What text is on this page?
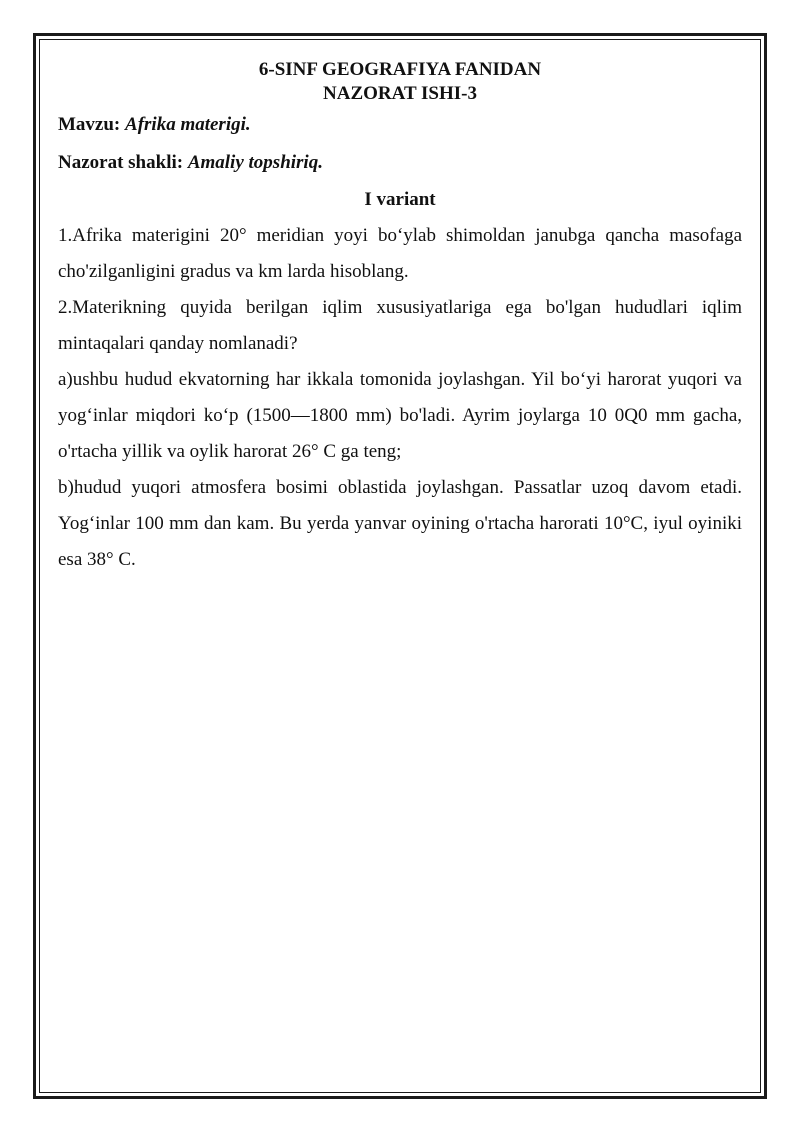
6-SINF GEOGRAFIYA FANIDAN

NAZORAT ISHI-3

Mavzu: Afrika materigi.

Nazorat shakli: Amaliy topshiriq.

I variant

1.Afrika materigini 20° meridian yoyi bo‘ylab shimoldan janubga qancha masofaga cho'zilganligini gradus va km larda hisoblang.

2.Materikning quyida berilgan iqlim xususiyatlariga ega bo'lgan hududlari iqlim mintaqalari qanday nomlanadi?

a)ushbu hudud ekvatorning har ikkala tomonida joylashgan. Yil bo‘yi harorat yuqori va yog‘inlar miqdori ko‘p (1500—1800 mm) bo'ladi. Ayrim joylarga 10 0Q0 mm gacha, o'rtacha yillik va oylik harorat 26° C ga teng;

b)hudud yuqori atmosfera bosimi oblastida joylashgan. Passatlar uzoq davom etadi. Yog‘inlar 100 mm dan kam. Bu yerda yanvar oyining o'rtacha harorati 10°C, iyul oyiniki esa 38° C.
